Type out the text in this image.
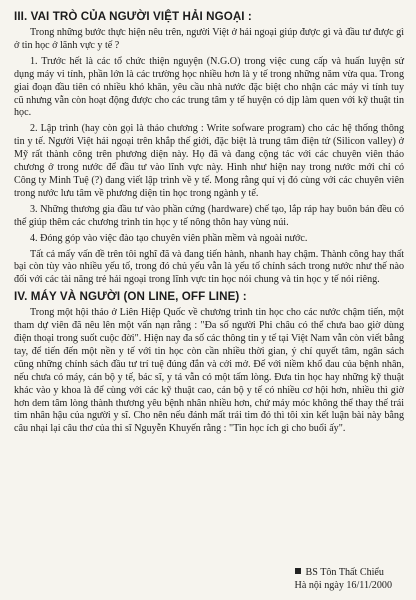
III. VAI TRÒ CỦA NGƯỜI VIỆT HẢI NGOẠI :

Trong những bước thực hiện nêu trên, người Việt ở hải ngoại giúp được gì và đầu tư được gì ở tin học ở lãnh vực y tế ?

1. Trước hết là các tổ chức thiện nguyện (N.G.O) trong việc cung cấp và huấn luyện sử dụng máy vi tính, phần lớn là các trường học nhiều hơn là y tế trong những năm vừa qua. Trong giai đoạn đầu tiên có nhiều khó khăn, yêu cầu nhà nước đặc biệt cho nhận các máy vi tính tuy cũ nhưng vẫn còn hoạt động được cho các trung tâm y tế huyện có dịp làm quen với kỹ thuật tin học.

2. Lập trình (hay còn gọi là thảo chương : Write sofware program) cho các hệ thống thông tin y tế. Người Việt hải ngoại trên khắp thế giới, đặc biệt là trung tâm điện tử (Silicon valley) ở Mỹ rất thành công trên phương diện này. Họ đã và đang cộng tác với các chuyên viên thảo chương ở trong nước để đầu tư vào lĩnh vực này. Hình như hiện nay trong nước mới chỉ có Công ty Minh Tuệ (?) đang viết lập trình về y tế. Mong rằng quí vị đó cùng với các chuyên viên trong nước lưu tâm về phương diện tin học trong ngành y tế.

3. Những thương gia đầu tư vào phần cứng (hardware) chế tạo, lắp ráp hay buôn bán đều có thể giúp thêm các chương trình tin học y tế nông thôn hay vùng núi.

4. Đóng góp vào việc đào tạo chuyên viên phần mềm và ngoài nước.

Tất cả mấy vấn đề trên tôi nghĩ đã và đang tiến hành, nhanh hay chậm. Thành công hay thất bại còn tùy vào nhiều yếu tố, trong đó chủ yếu vẫn là yếu tố chính sách trong nước như thế nào đối với các tài năng trẻ hải ngoại trong lĩnh vực tin học nói chung và tin học y tế nói riêng.

IV. MÁY VÀ NGƯỜI (ON LINE, OFF LINE) :

Trong một hội thảo ở Liên Hiệp Quốc về chương trình tin học cho các nước chậm tiến, một tham dự viên đã nêu lên một vấn nạn rằng : "Đa số người Phi châu có thể chưa bao giờ dùng điện thoại trong suốt cuộc đời". Hiện nay đa số các thông tin y tế tại Việt Nam vẫn còn viết bằng tay, để tiến đến một nền y tế với tin học còn cần nhiều thời gian, ý chí quyết tâm, ngân sách cũng những chính sách đầu tư trí tuệ đúng đắn và cởi mở. Để với niềm khổ đau của bệnh nhân, nếu chưa có máy, cán bộ y tế, bác sĩ, y tá vẫn có một tấm lòng. Đưa tin học hay những kỹ thuật khác vào y khoa là để cùng với các kỹ thuật cao, cán bộ y tế có nhiều cơ hội hơn, nhiều thì giờ hơn dem tâm lòng thành thương yêu bệnh nhân nhiều hơn, chứ máy móc không thể thay thế trái tim nhân hậu của người y sĩ. Cho nên nếu đánh mất trái tim đó thì tôi xin kết luận bài này bằng câu nhại lại câu thơ của thi sĩ Nguyễn Khuyến rằng : "Tin học ích gì cho buổi ấy".

BS Tôn Thất Chiểu
Hà nội ngày 16/11/2000
